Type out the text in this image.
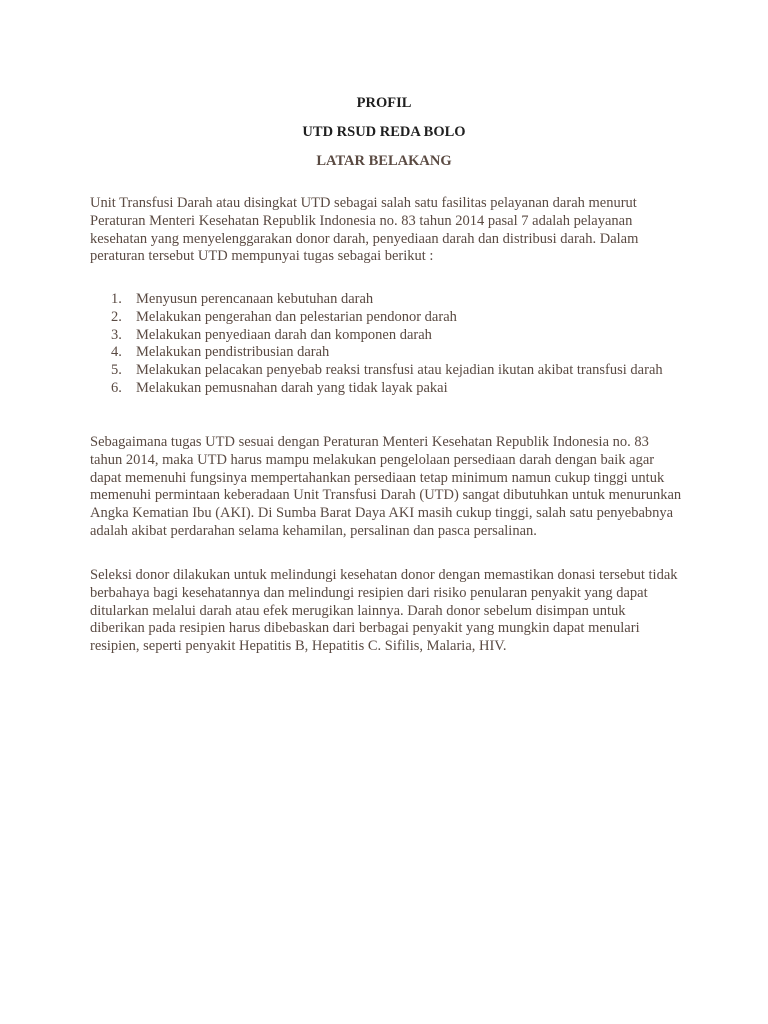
PROFIL
UTD RSUD REDA BOLO
LATAR BELAKANG

Unit Transfusi Darah atau disingkat UTD sebagai salah satu fasilitas pelayanan darah menurut Peraturan Menteri Kesehatan Republik Indonesia no. 83 tahun 2014 pasal 7 adalah pelayanan kesehatan yang menyelenggarakan donor darah, penyediaan darah dan distribusi darah. Dalam peraturan tersebut UTD mempunyai tugas sebagai berikut :

1. Menyusun perencanaan kebutuhan darah
2. Melakukan pengerahan dan pelestarian pendonor darah
3. Melakukan penyediaan darah dan komponen darah
4. Melakukan pendistribusian darah
5. Melakukan pelacakan penyebab reaksi transfusi atau kejadian ikutan akibat transfusi darah
6. Melakukan pemusnahan darah yang tidak layak pakai

Sebagaimana tugas UTD sesuai dengan Peraturan Menteri Kesehatan Republik Indonesia no. 83 tahun 2014, maka UTD harus mampu melakukan pengelolaan persediaan darah dengan baik agar dapat memenuhi fungsinya mempertahankan persediaan tetap minimum namun cukup tinggi untuk memenuhi permintaan keberadaan Unit Transfusi Darah (UTD) sangat dibutuhkan untuk menurunkan Angka Kematian Ibu (AKI). Di Sumba Barat Daya AKI masih cukup tinggi, salah satu penyebabnya adalah akibat perdarahan selama kehamilan, persalinan dan pasca persalinan.

Seleksi donor dilakukan untuk melindungi kesehatan donor dengan memastikan donasi tersebut tidak berbahaya bagi kesehatannya dan melindungi resipien dari risiko penularan penyakit yang dapat ditularkan melalui darah atau efek merugikan lainnya. Darah donor sebelum disimpan untuk diberikan pada resipien harus dibebaskan dari berbagai penyakit yang mungkin dapat menulari resipien, seperti penyakit Hepatitis B, Hepatitis C. Sifilis, Malaria, HIV.
